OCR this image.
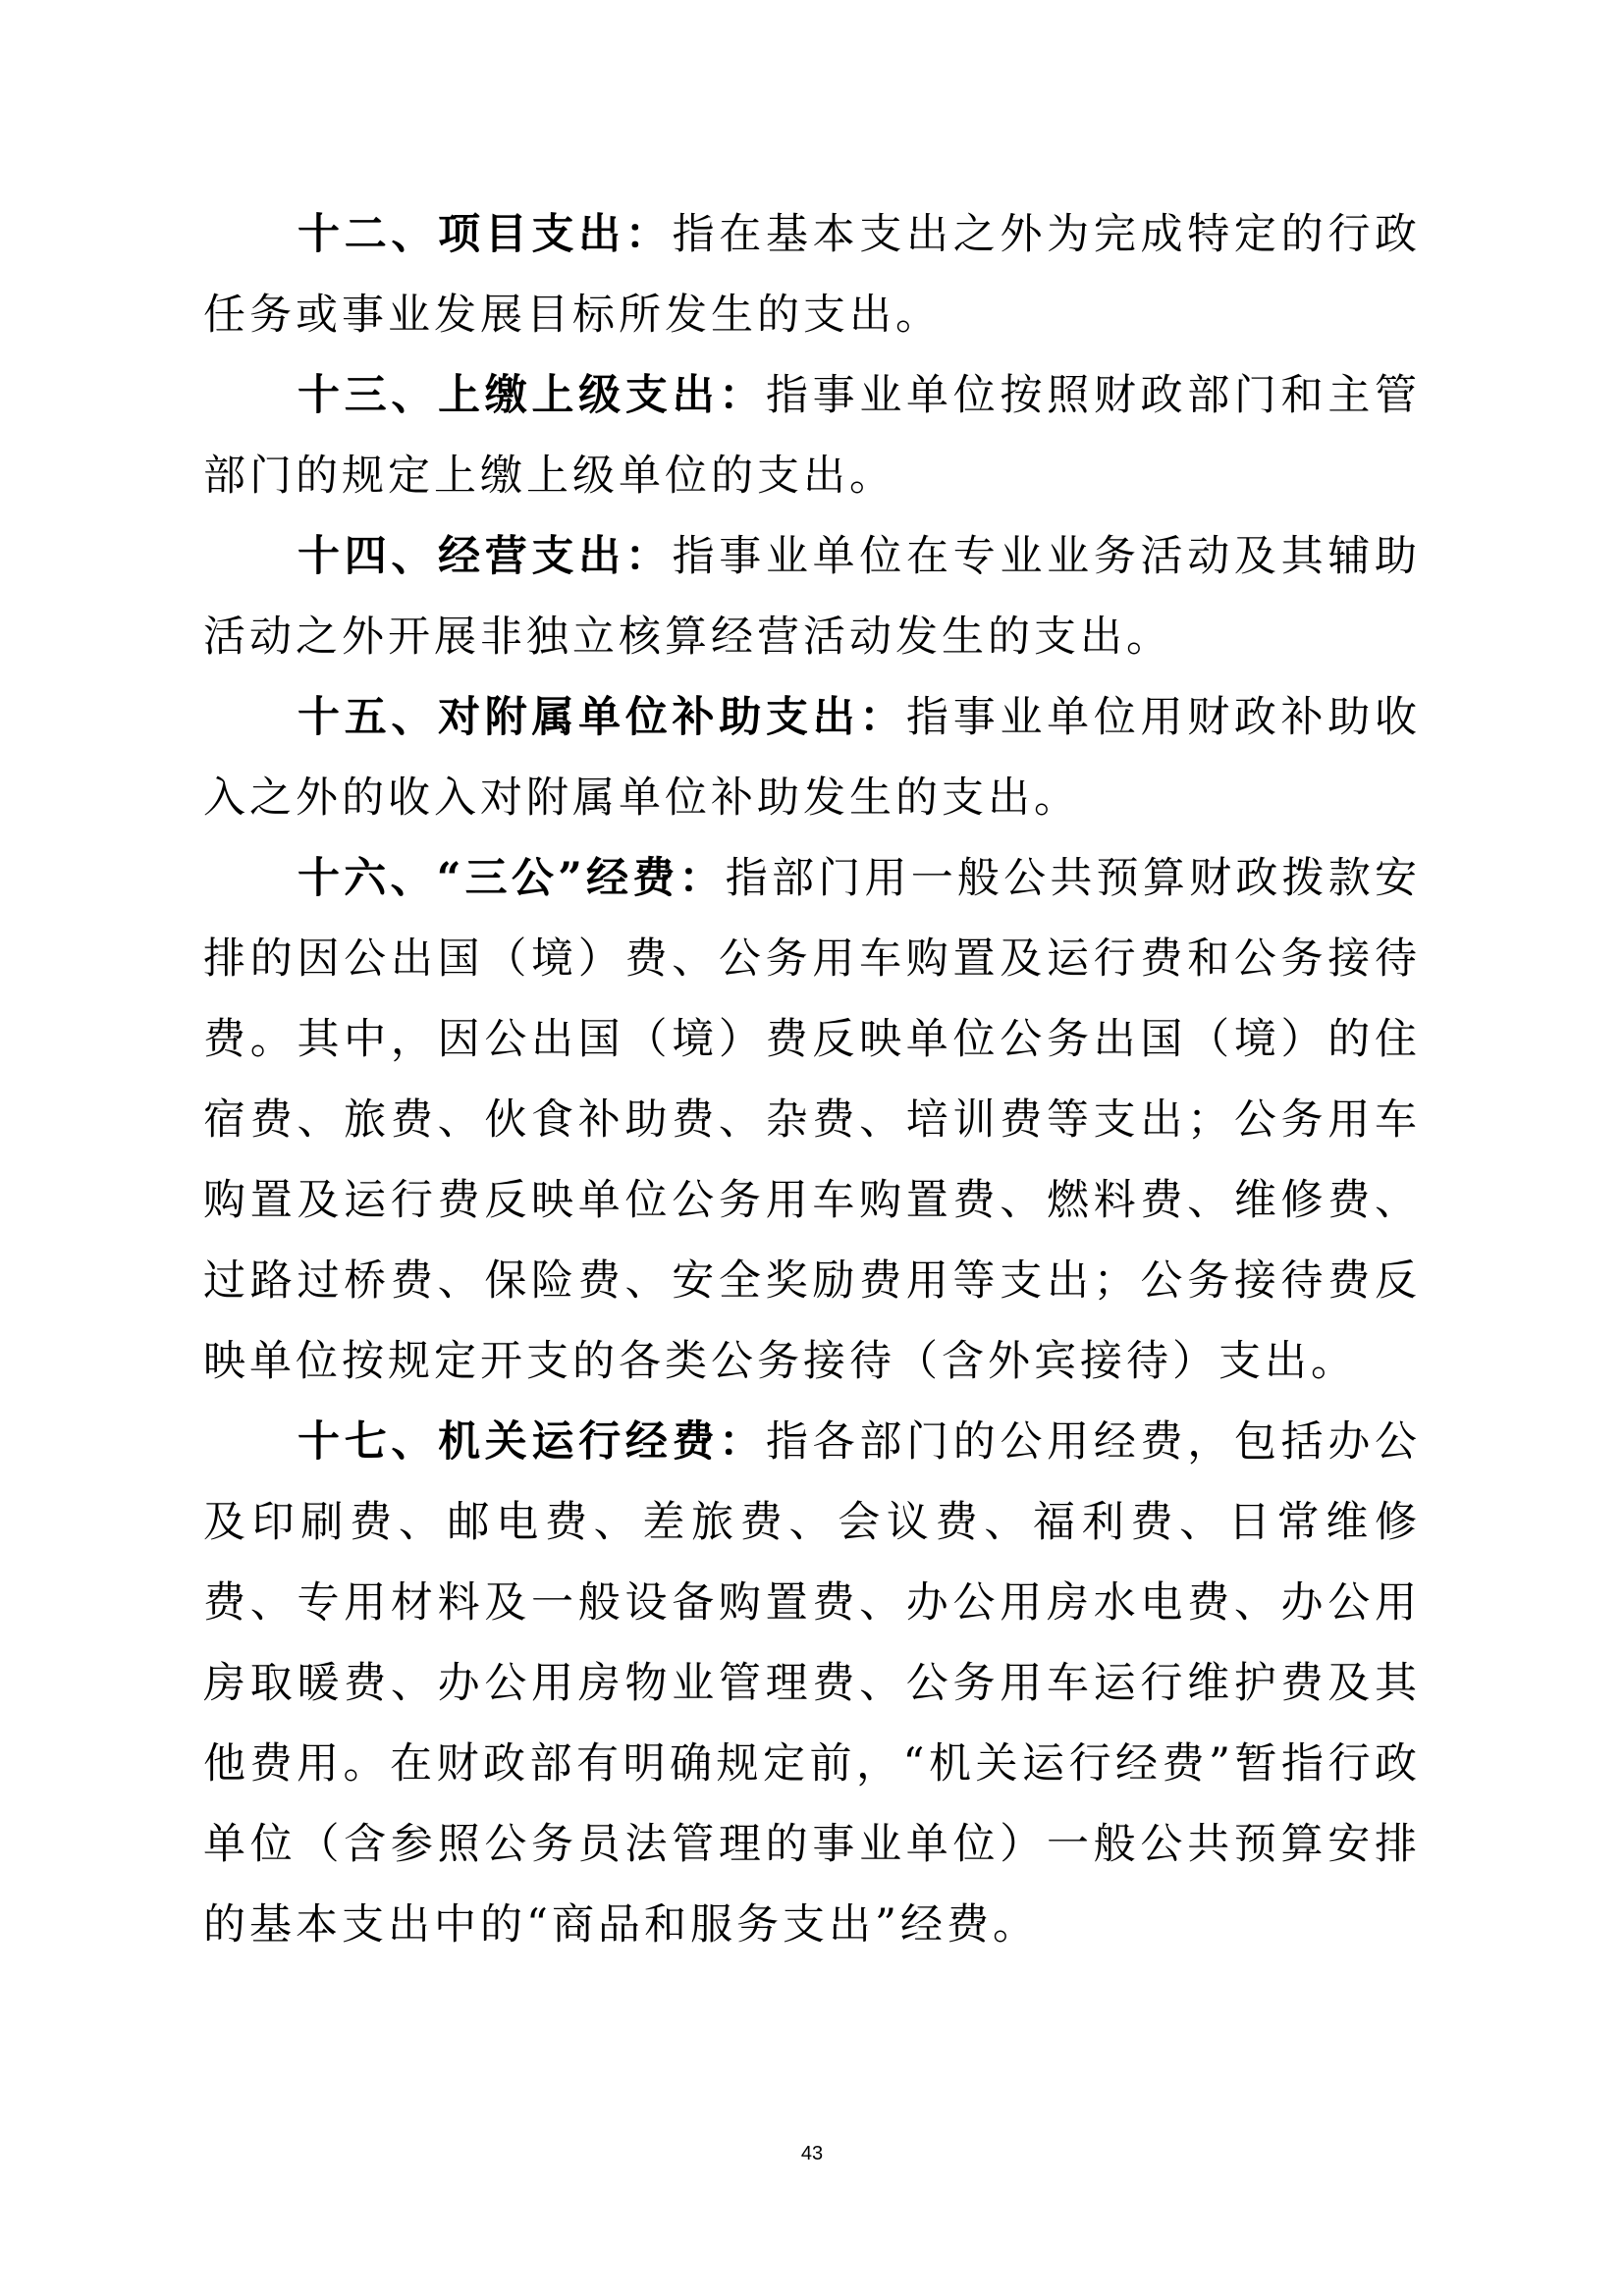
十二、项目支出：指在基本支出之外为完成特定的行政任务或事业发展目标所发生的支出。

十三、上缴上级支出：指事业单位按照财政部门和主管部门的规定上缴上级单位的支出。

十四、经营支出：指事业单位在专业业务活动及其辅助活动之外开展非独立核算经营活动发生的支出。

十五、对附属单位补助支出：指事业单位用财政补助收入之外的收入对附属单位补助发生的支出。

十六、“三公”经费：指部门用一般公共预算财政拨款安排的因公出国（境）费、公务用车购置及运行费和公务接待费。其中，因公出国（境）费反映单位公务出国（境）的住宿费、旅费、伙食补助费、杂费、培训费等支出；公务用车购置及运行费反映单位公务用车购置费、燃料费、维修费、过路过桥费、保险费、安全奖励费用等支出；公务接待费反映单位按规定开支的各类公务接待（含外宾接待）支出。

十七、机关运行经费：指各部门的公用经费，包括办公及印刷费、邮电费、差旅费、会议费、福利费、日常维修费、专用材料及一般设备购置费、办公用房水电费、办公用房取暖费、办公用房物业管理费、公务用车运行维护费及其他费用。在财政部有明确规定前，“机关运行经费”暂指行政单位（含参照公务员法管理的事业单位）一般公共预算安排的基本支出中的“商品和服务支出”经费。

43
